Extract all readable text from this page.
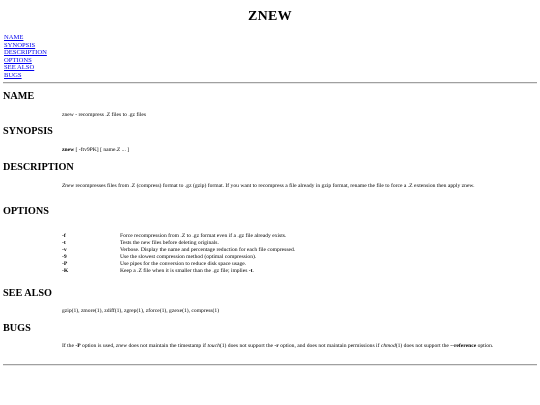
ZNEW
NAME
SYNOPSIS
DESCRIPTION
OPTIONS
SEE ALSO
BUGS
NAME
znew - recompress .Z files to .gz files
SYNOPSIS
znew [ -ftv9PK] [ name.Z ... ]
DESCRIPTION
Znew recompresses files from .Z (compress) format to .gz (gzip) format. If you want to recompress a file already in gzip format, rename the file to force a .Z extension then apply znew.
OPTIONS
-f	Force recompression from .Z to .gz format even if a .gz file already exists.
-t	Tests the new files before deleting originals.
-v	Verbose. Display the name and percentage reduction for each file compressed.
-9	Use the slowest compression method (optimal compression).
-P	Use pipes for the conversion to reduce disk space usage.
-K	Keep a .Z file when it is smaller than the .gz file; implies -t.
SEE ALSO
gzip(1), zmore(1), zdiff(1), zgrep(1), zforce(1), gzexe(1), compress(1)
BUGS
If the -P option is used, znew does not maintain the timestamp if touch(1) does not support the -r option, and does not maintain permissions if chmod(1) does not support the --reference option.
